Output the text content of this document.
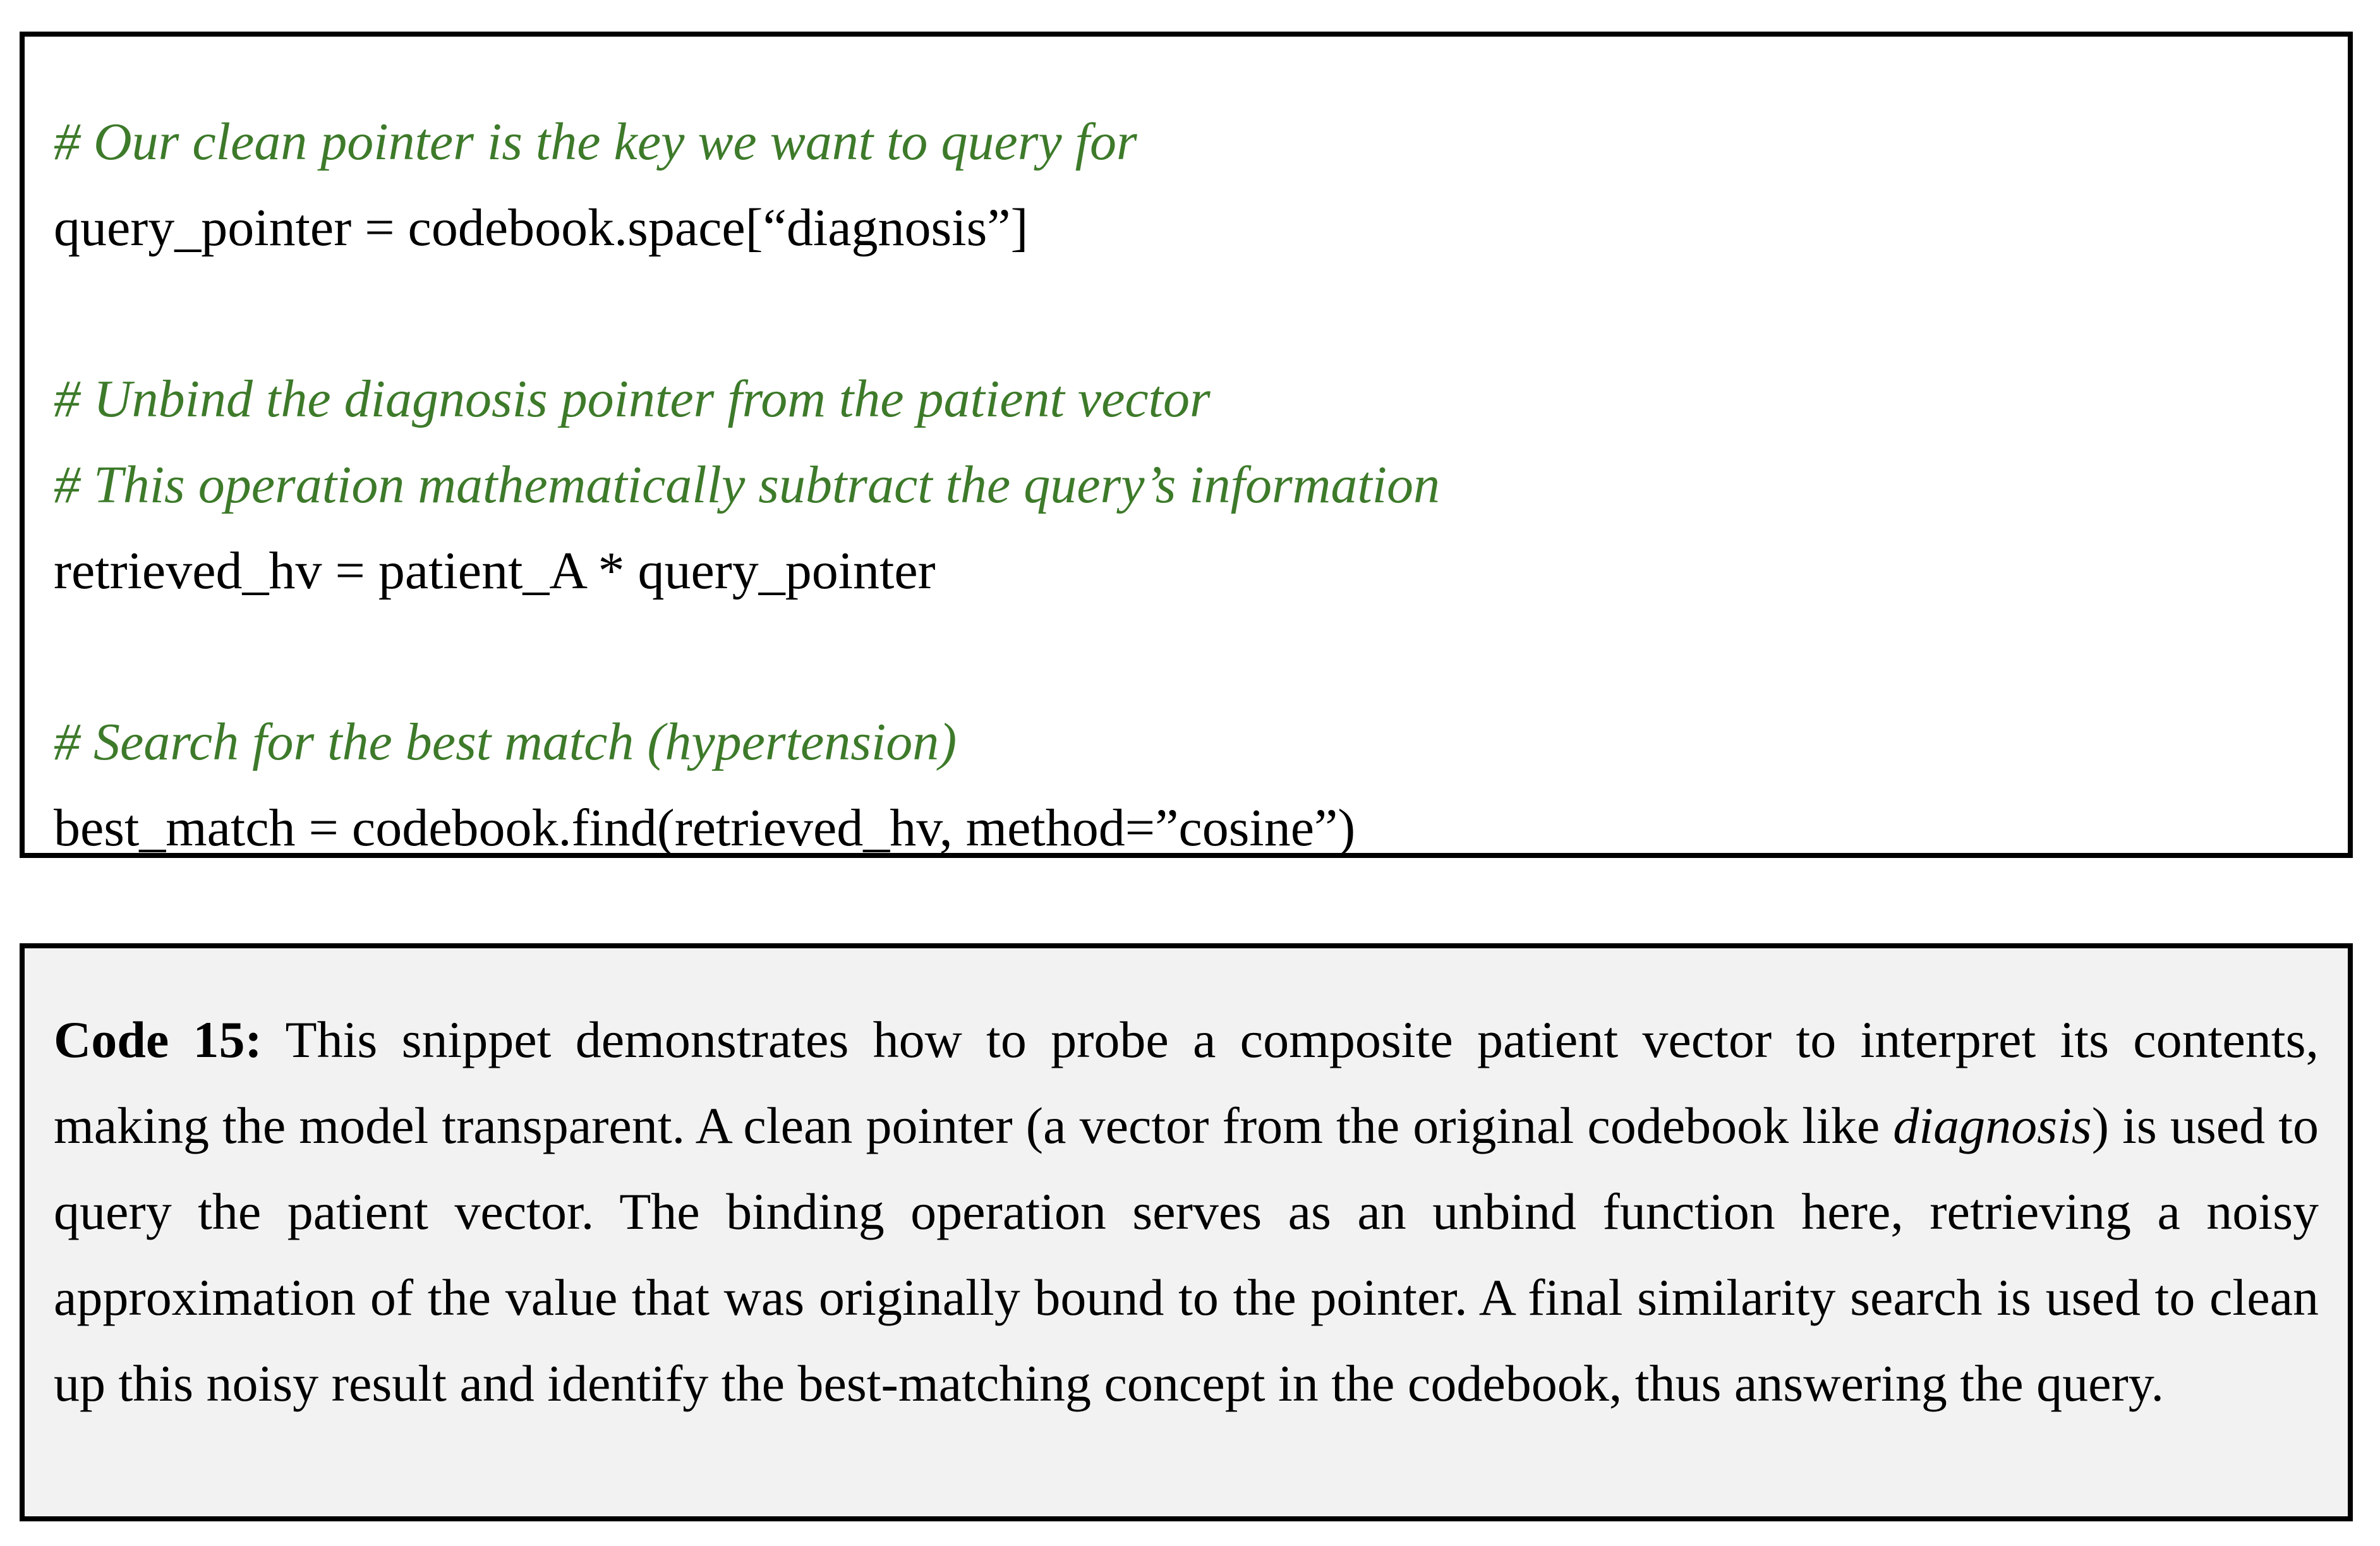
# Our clean pointer is the key we want to query for
query_pointer = codebook.space[“diagnosis”]
# Unbind the diagnosis pointer from the patient vector
# This operation mathematically subtract the query’s information
retrieved_hv = patient_A * query_pointer
# Search for the best match (hypertension)
best_match = codebook.find(retrieved_hv, method=”cosine”)
Code 15: This snippet demonstrates how to probe a composite patient vector to interpret its contents, making the model transparent. A clean pointer (a vector from the original codebook like diagnosis) is used to query the patient vector. The binding operation serves as an unbind function here, retrieving a noisy approximation of the value that was originally bound to the pointer. A final similarity search is used to clean up this noisy result and identify the best-matching concept in the codebook, thus answering the query.
